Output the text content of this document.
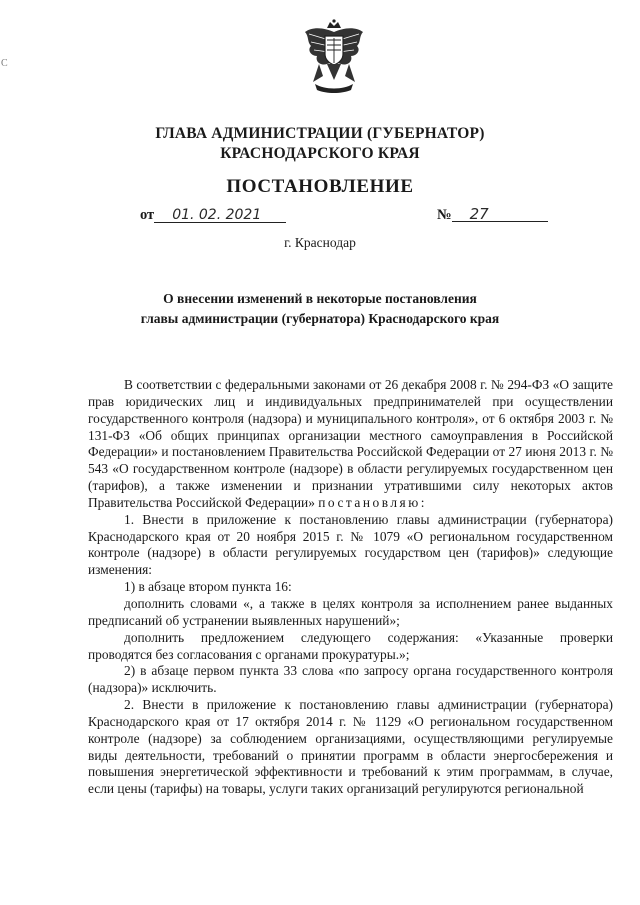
C
ГЛАВА АДМИНИСТРАЦИИ (ГУБЕРНАТОР)
КРАСНОДАРСКОГО КРАЯ
ПОСТАНОВЛЕНИЕ
от 01. 02. 2021	№ 27
г. Краснодар
О внесении изменений в некоторые постановления
главы администрации (губернатора) Краснодарского края

В соответствии с федеральными законами от 26 декабря 2008 г. № 294-ФЗ «О защите прав юридических лиц и индивидуальных предпринимателей при осуществлении государственного контроля (надзора) и муниципального контроля», от 6 октября 2003 г. № 131-ФЗ «Об общих принципах организации местного самоуправления в Российской Федерации» и постановлением Правительства Российской Федерации от 27 июня 2013 г. № 543 «О государственном контроле (надзоре) в области регулируемых государственном цен (тарифов), а также изменении и признании утратившими силу некоторых актов Правительства Российской Федерации» постановляю:

1. Внести в приложение к постановлению главы администрации (губернатора) Краснодарского края от 20 ноября 2015 г. № 1079 «О региональном государственном контроле (надзоре) в области регулируемых государством цен (тарифов)» следующие изменения:

1) в абзаце втором пункта 16:

дополнить словами «, а также в целях контроля за исполнением ранее выданных предписаний об устранении выявленных нарушений»;

дополнить предложением следующего содержания: «Указанные проверки проводятся без согласования с органами прокуратуры.»;

2) в абзаце первом пункта 33 слова «по запросу органа государственного контроля (надзора)» исключить.

2. Внести в приложение к постановлению главы администрации (губернатора) Краснодарского края от 17 октября 2014 г. № 1129 «О региональном государственном контроле (надзоре) за соблюдением организациями, осуществляющими регулируемые виды деятельности, требований о принятии программ в области энергосбережения и повышения энергетической эффективности и требований к этим программам, в случае, если цены (тарифы) на товары, услуги таких организаций регулируются региональной
